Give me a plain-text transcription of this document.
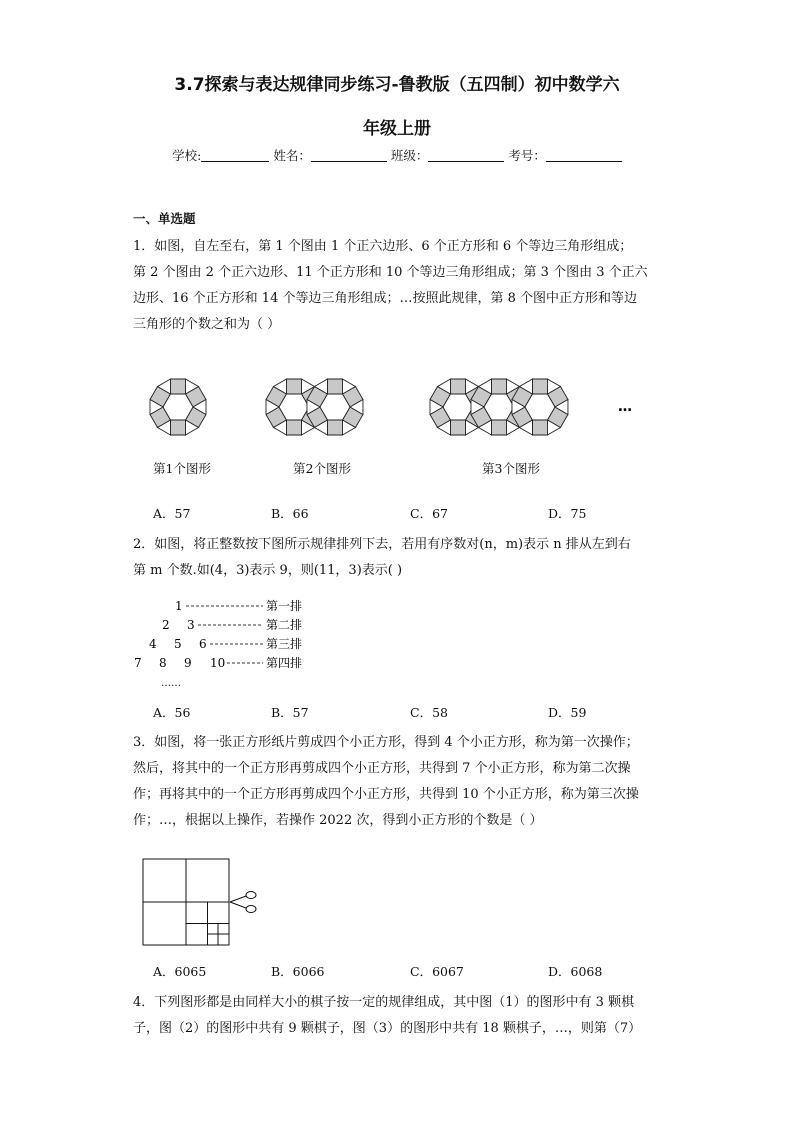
3.7探索与表达规律同步练习-鲁教版（五四制）初中数学六
年级上册
学校:	姓名：	班级：	考号：
一、单选题
1．如图，自左至右，第 1 个图由 1 个正六边形、6 个正方形和 6 个等边三角形组成；
第 2 个图由 2 个正六边形、11 个正方形和 10 个等边三角形组成；第 3 个图由 3 个正六
边形、16 个正方形和 14 个等边三角形组成；…按照此规律，第 8 个图中正方形和等边
三角形的个数之和为（ ）
…
第1个图形	第2个图形	第3个图形
A．57	B．66	C．67	D．75
2．如图，将正整数按下图所示规律排列下去，若用有序数对(n，m)表示 n 排从左到右
第 m 个数.如(4，3)表示 9，则(11，3)表示( )
1
2 3
4 5 6
7 8 9 10
第一排
第二排
第三排
第四排
……
A．56	B．57	C．58	D．59
3．如图，将一张正方形纸片剪成四个小正方形，得到 4 个小正方形，称为第一次操作；
然后，将其中的一个正方形再剪成四个小正方形，共得到 7 个小正方形，称为第二次操
作；再将其中的一个正方形再剪成四个小正方形，共得到 10 个小正方形，称为第三次操
作；…，根据以上操作，若操作 2022 次，得到小正方形的个数是（ ）
A．6065	B．6066	C．6067	D．6068
4．下列图形都是由同样大小的棋子按一定的规律组成，其中图（1）的图形中有 3 颗棋
子，图（2）的图形中共有 9 颗棋子，图（3）的图形中共有 18 颗棋子，…，则第（7）
